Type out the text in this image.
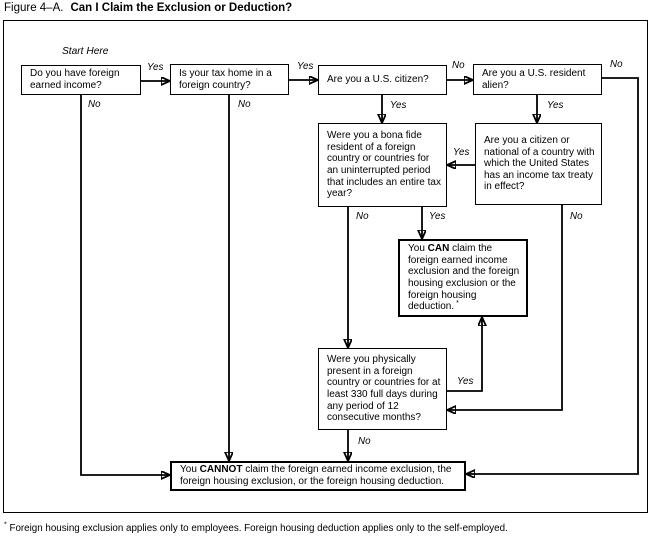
Figure 4–A. Can I Claim the Exclusion or Deduction?
Start Here
Yes
No
Yes
No
No
Yes
No
Yes
Yes
No
No	Yes
Yes
No
Do you have foreign earned income?
Is your tax home in a foreign country?	Are you a U.S. citizen?
Are you a U.S. resident alien?
Were you a bona fide resident of a foreign country or countries for an uninterrupted period that includes an entire tax year?
Are you a citizen or national of a country with which the United States has an income tax treaty in effect?
You CAN claim the foreign earned income exclusion and the foreign housing exclusion or the foreign housing deduction. *
Were you physically present in a foreign country or countries for at least 330 full days during any period of 12 consecutive months?
You CANNOT claim the foreign earned income exclusion, the foreign housing exclusion, or the foreign housing deduction.
* Foreign housing exclusion applies only to employees. Foreign housing deduction applies only to the self-employed.
